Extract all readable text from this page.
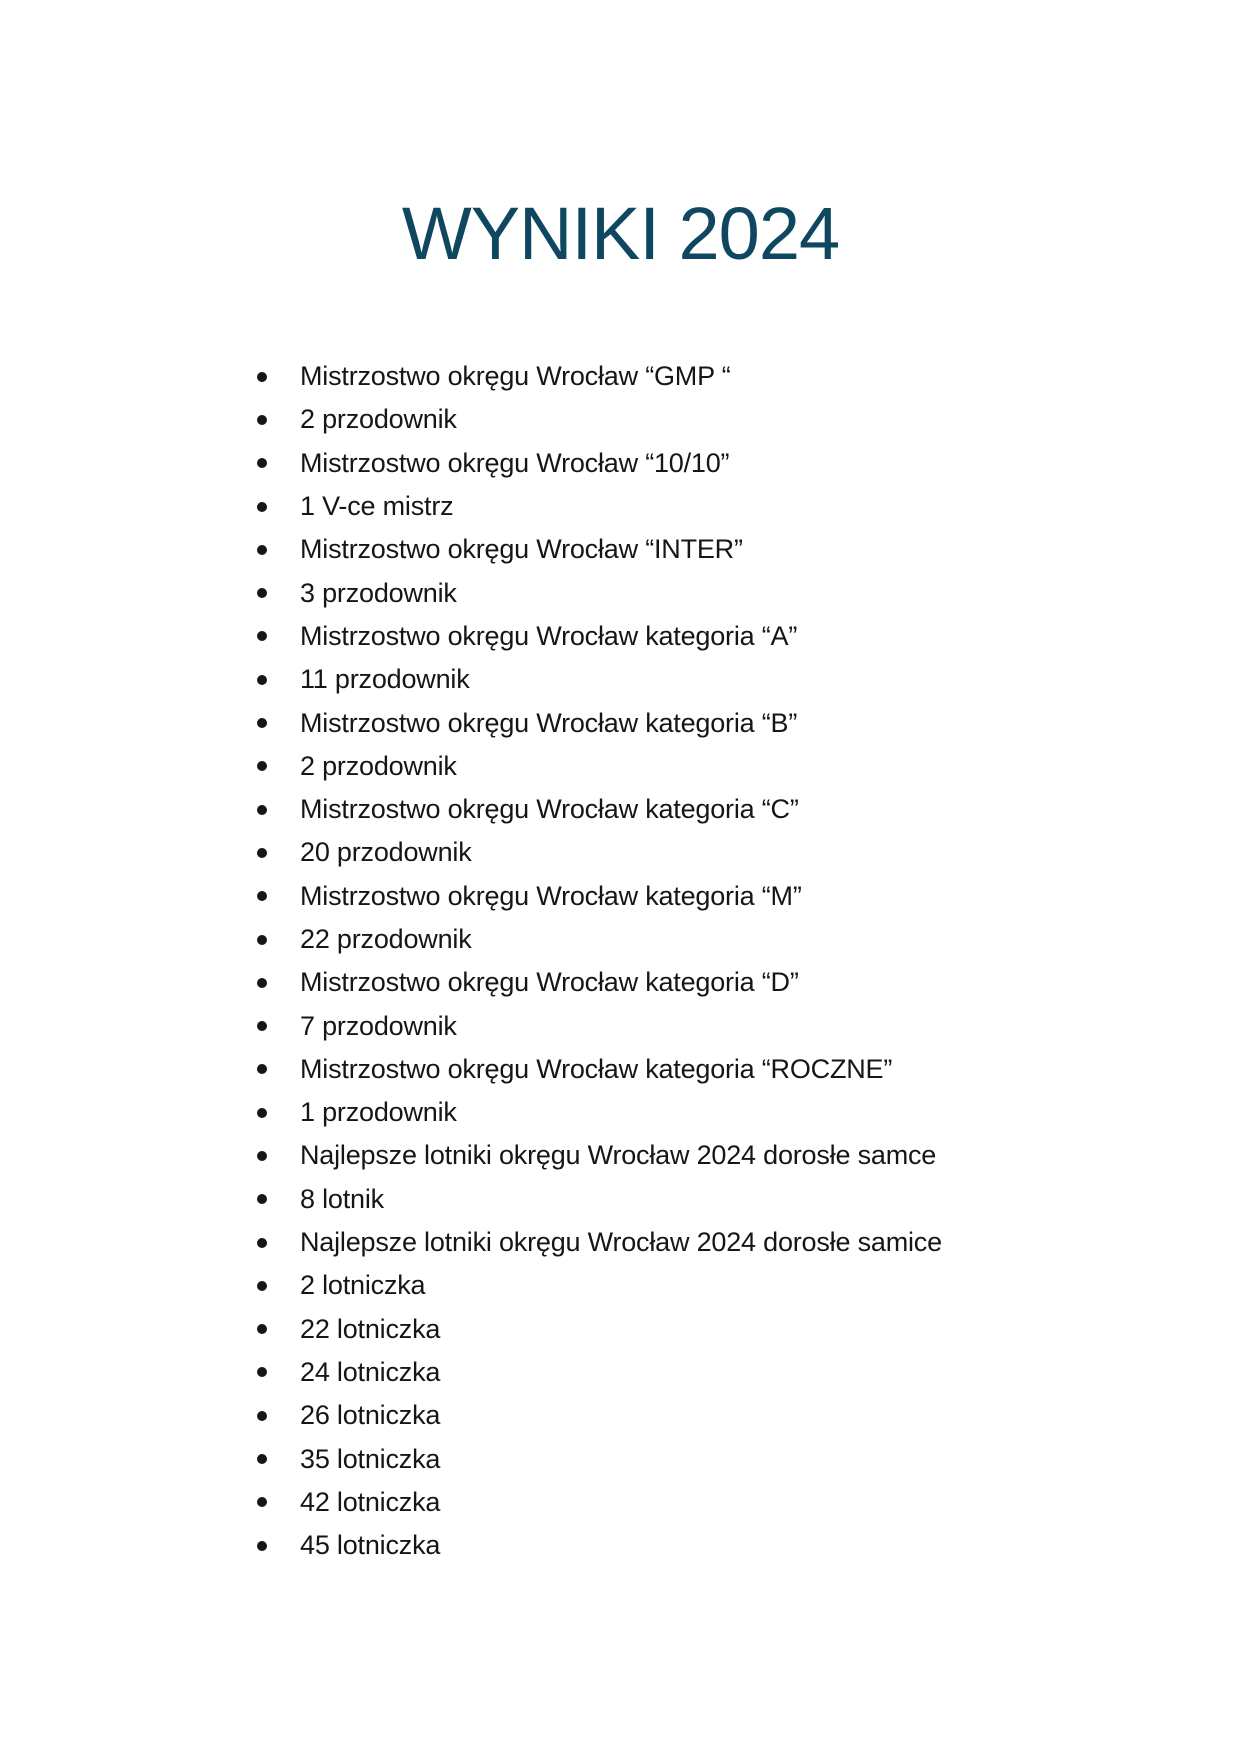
WYNIKI 2024
Mistrzostwo okręgu Wrocław “GMP “
2 przodownik
Mistrzostwo okręgu Wrocław “10/10”
1 V-ce mistrz
Mistrzostwo okręgu Wrocław “INTER”
3 przodownik
Mistrzostwo okręgu Wrocław kategoria “A”
11 przodownik
Mistrzostwo okręgu Wrocław kategoria “B”
2 przodownik
Mistrzostwo okręgu Wrocław kategoria “C”
20 przodownik
Mistrzostwo okręgu Wrocław kategoria “M”
22 przodownik
Mistrzostwo okręgu Wrocław kategoria “D”
7 przodownik
Mistrzostwo okręgu Wrocław kategoria “ROCZNE”
1 przodownik
Najlepsze lotniki okręgu Wrocław 2024 dorosłe samce
8 lotnik
Najlepsze lotniki okręgu Wrocław 2024 dorosłe samice
2 lotniczka
22 lotniczka
24 lotniczka
26 lotniczka
35 lotniczka
42 lotniczka
45 lotniczka
